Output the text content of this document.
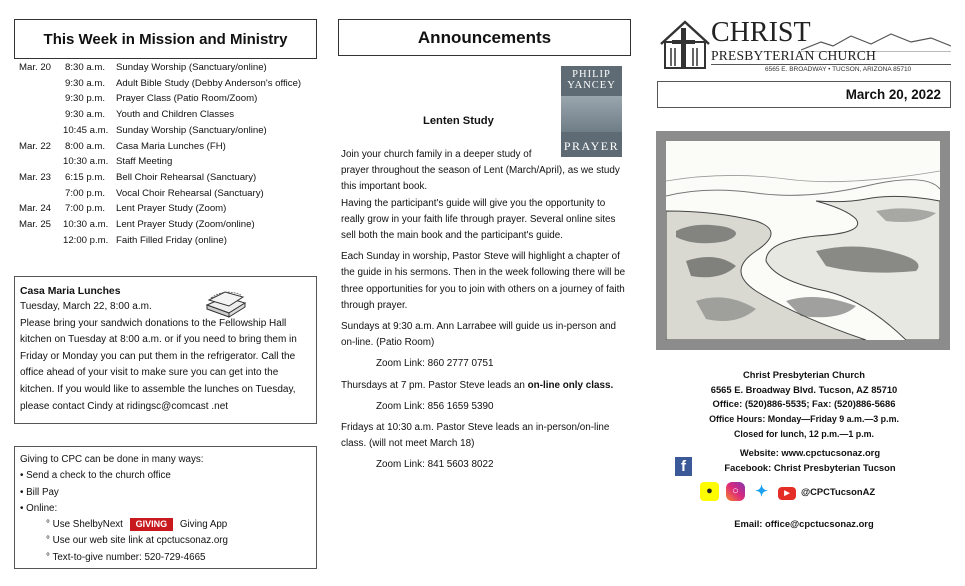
This Week in Mission and Ministry
Mar. 20	8:30 a.m.	Sunday Worship (Sanctuary/online)
9:30 a.m.	Adult Bible Study (Debby Anderson's office)
9:30 p.m.	Prayer Class (Patio Room/Zoom)
9:30 a.m.	Youth and Children Classes
10:45 a.m. Sunday Worship (Sanctuary/online)
Mar. 22	8:00 a.m.	Casa Maria Lunches (FH)
10:30 a.m. Staff Meeting
Mar. 23	6:15 p.m.	Bell Choir Rehearsal (Sanctuary)
7:00 p.m.	Vocal Choir Rehearsal (Sanctuary)
Mar. 24	7:00 p.m.	Lent Prayer Study (Zoom)
Mar. 25	10:30 a.m. Lent Prayer Study (Zoom/online)
12:00 p.m. Faith Filled Friday (online)
Casa Maria Lunches
Tuesday, March 22, 8:00 a.m.
Please bring your sandwich donations to the Fellowship Hall kitchen on Tuesday at 8:00 a.m. or if you need to bring them in Friday or Monday you can put them in the refrigerator. Call the office ahead of your visit to make sure you can get into the kitchen. If you would like to assemble the lunches on Tuesday, please contact Cindy at ridingsc@comcast .net
Giving to CPC can be done in many ways:
• Send a check to the church office
• Bill Pay
• Online:
° Use ShelbyNext GIVING Giving App
° Use our web site link at cpctucsonaz.org
° Text-to-give number: 520-729-4665
Announcements
PHILIP
YANCEY
PRAYER
Lenten Study

Join your church family in a deeper study of
prayer throughout the season of Lent (March/April), as we study this important book.

Having the participant's guide will give you the opportunity to really grow in your faith life through prayer. Several online sites sell both the main book and the participant's guide.

Each Sunday in worship, Pastor Steve will highlight a chapter of the guide in his sermons. Then in the week following there will be three opportunities for you to join with others on a journey of faith through prayer.

Sundays at 9:30 a.m. Ann Larrabee will guide us in-person and on-line. (Patio Room)

Zoom Link: 860 2777 0751

Thursdays at 7 pm. Pastor Steve leads an on-line only class.

Zoom Link: 856 1659 5390

Fridays at 10:30 a.m. Pastor Steve leads an in-person/on-line class. (will not meet March 18)

Zoom Link: 841 5603 8022

CHRIST
PRESBYTERIAN CHURCH
6565 E. BROADWAY • TUCSON, ARIZONA 85710
March 20, 2022
Christ Presbyterian Church
6565 E. Broadway Blvd. Tucson, AZ 85710
Office: (520)886-5535; Fax: (520)886-5686
Office Hours: Monday—Friday 9 a.m.—3 p.m.
Closed for lunch, 12 p.m.—1 p.m.
f
Website: www.cpctucsonaz.org
Facebook: Christ Presbyterian Tucson
●	○	✦	▶	@CPCTucsonAZ
Email: office@cpctucsonaz.org
